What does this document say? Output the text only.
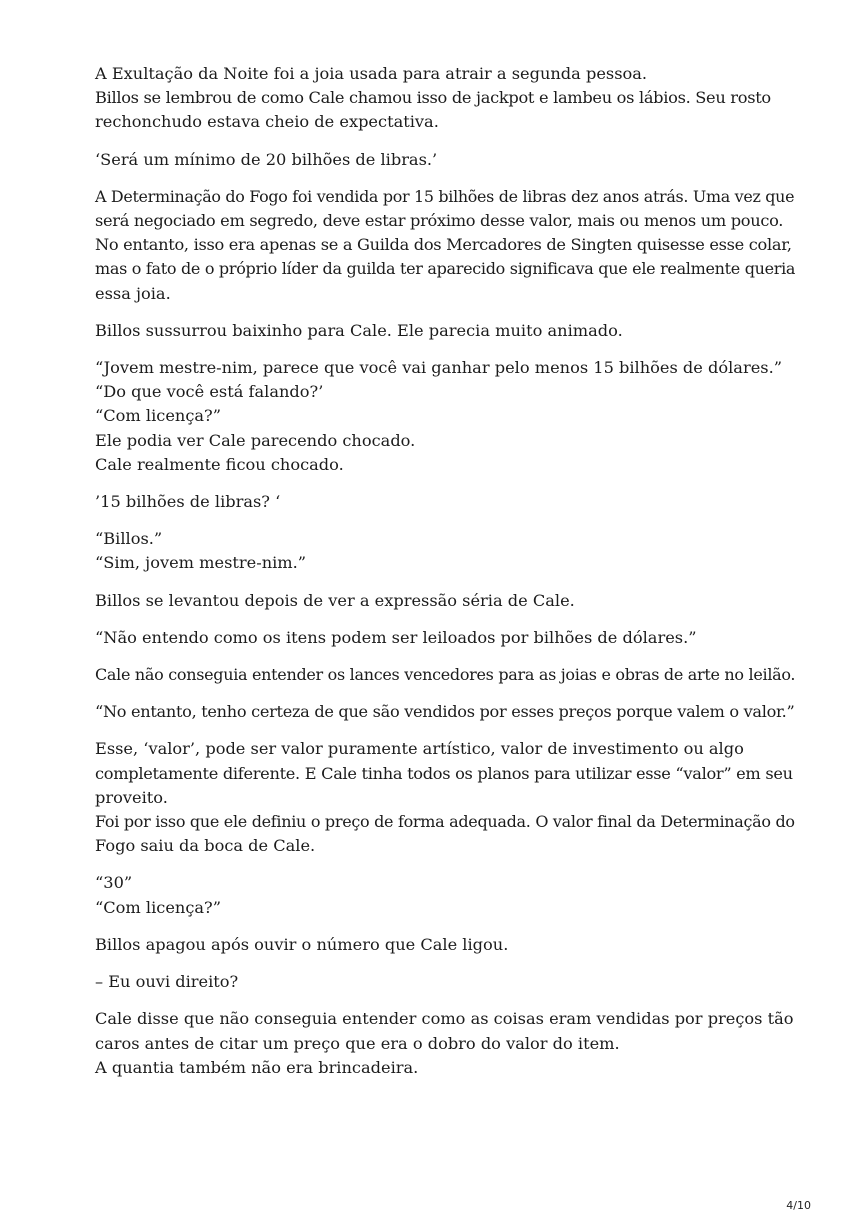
A Exultação da Noite foi a joia usada para atrair a segunda pessoa.
Billos se lembrou de como Cale chamou isso de jackpot e lambeu os lábios. Seu rosto
rechonchudo estava cheio de expectativa.

‘Será um mínimo de 20 bilhões de libras.’

A Determinação do Fogo foi vendida por 15 bilhões de libras dez anos atrás. Uma vez que
será negociado em segredo, deve estar próximo desse valor, mais ou menos um pouco.
No entanto, isso era apenas se a Guilda dos Mercadores de Singten quisesse esse colar,
mas o fato de o próprio líder da guilda ter aparecido significava que ele realmente queria
essa joia.

Billos sussurrou baixinho para Cale. Ele parecia muito animado.

“Jovem mestre-nim, parece que você vai ganhar pelo menos 15 bilhões de dólares.”
“Do que você está falando?’
“Com licença?”
Ele podia ver Cale parecendo chocado.
Cale realmente ficou chocado.

’15 bilhões de libras? ‘

“Billos.”
“Sim, jovem mestre-nim.”

Billos se levantou depois de ver a expressão séria de Cale.

“Não entendo como os itens podem ser leiloados por bilhões de dólares.”

Cale não conseguia entender os lances vencedores para as joias e obras de arte no leilão.

“No entanto, tenho certeza de que são vendidos por esses preços porque valem o valor.”

Esse, ‘valor’, pode ser valor puramente artístico, valor de investimento ou algo
completamente diferente. E Cale tinha todos os planos para utilizar esse “valor” em seu
proveito.
Foi por isso que ele definiu o preço de forma adequada. O valor final da Determinação do
Fogo saiu da boca de Cale.

“30”
“Com licença?”

Billos apagou após ouvir o número que Cale ligou.

– Eu ouvi direito?

Cale disse que não conseguia entender como as coisas eram vendidas por preços tão
caros antes de citar um preço que era o dobro do valor do item.
A quantia também não era brincadeira.

4/10
